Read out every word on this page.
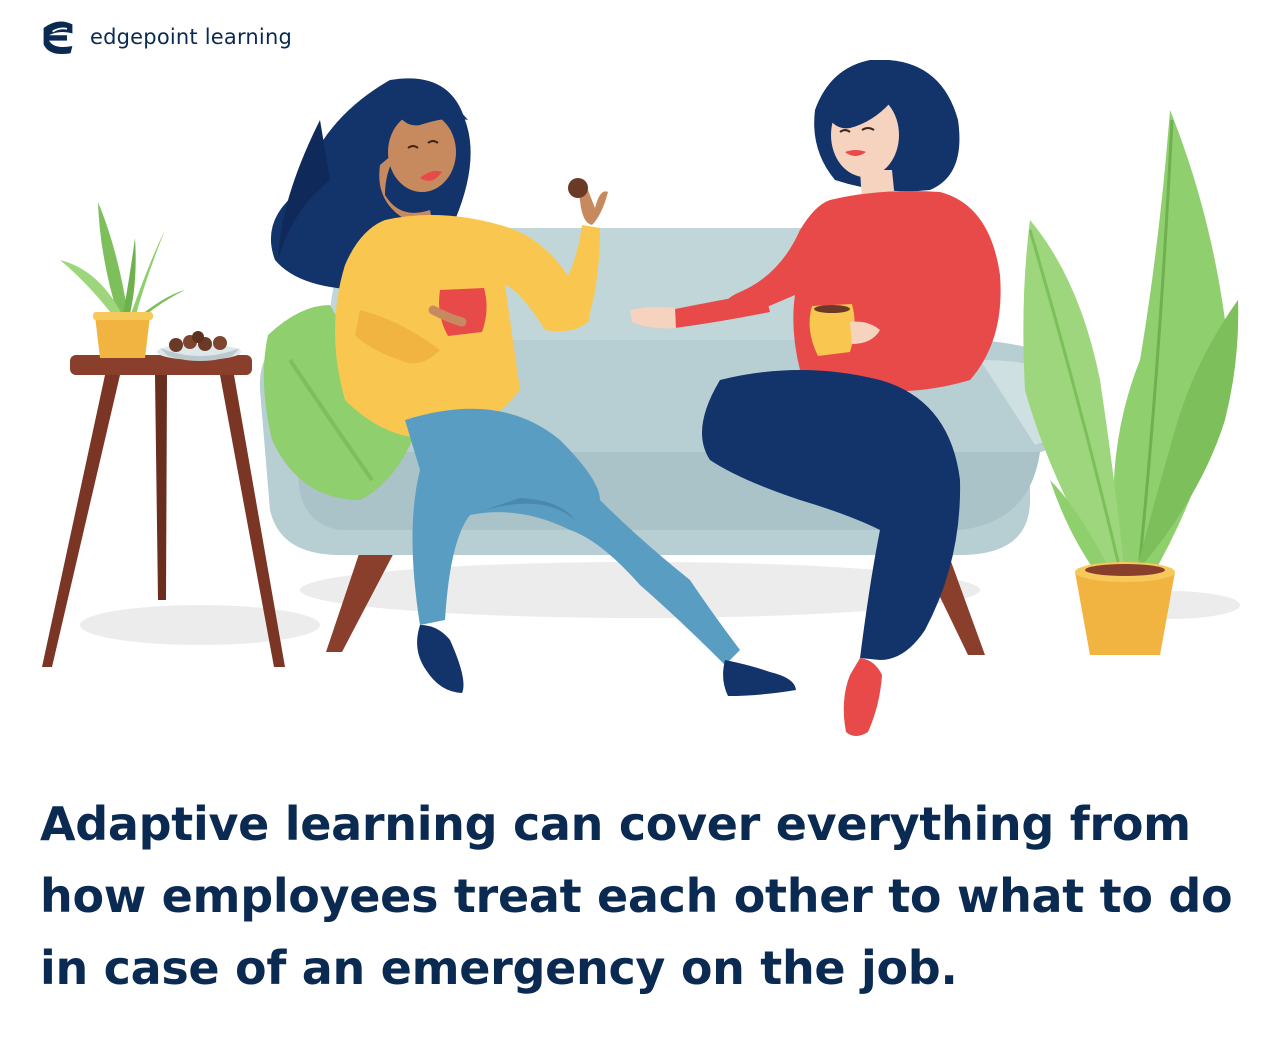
edgepoint learning

Adaptive learning can cover everything from how employees treat each other to what to do in case of an emergency on the job.
